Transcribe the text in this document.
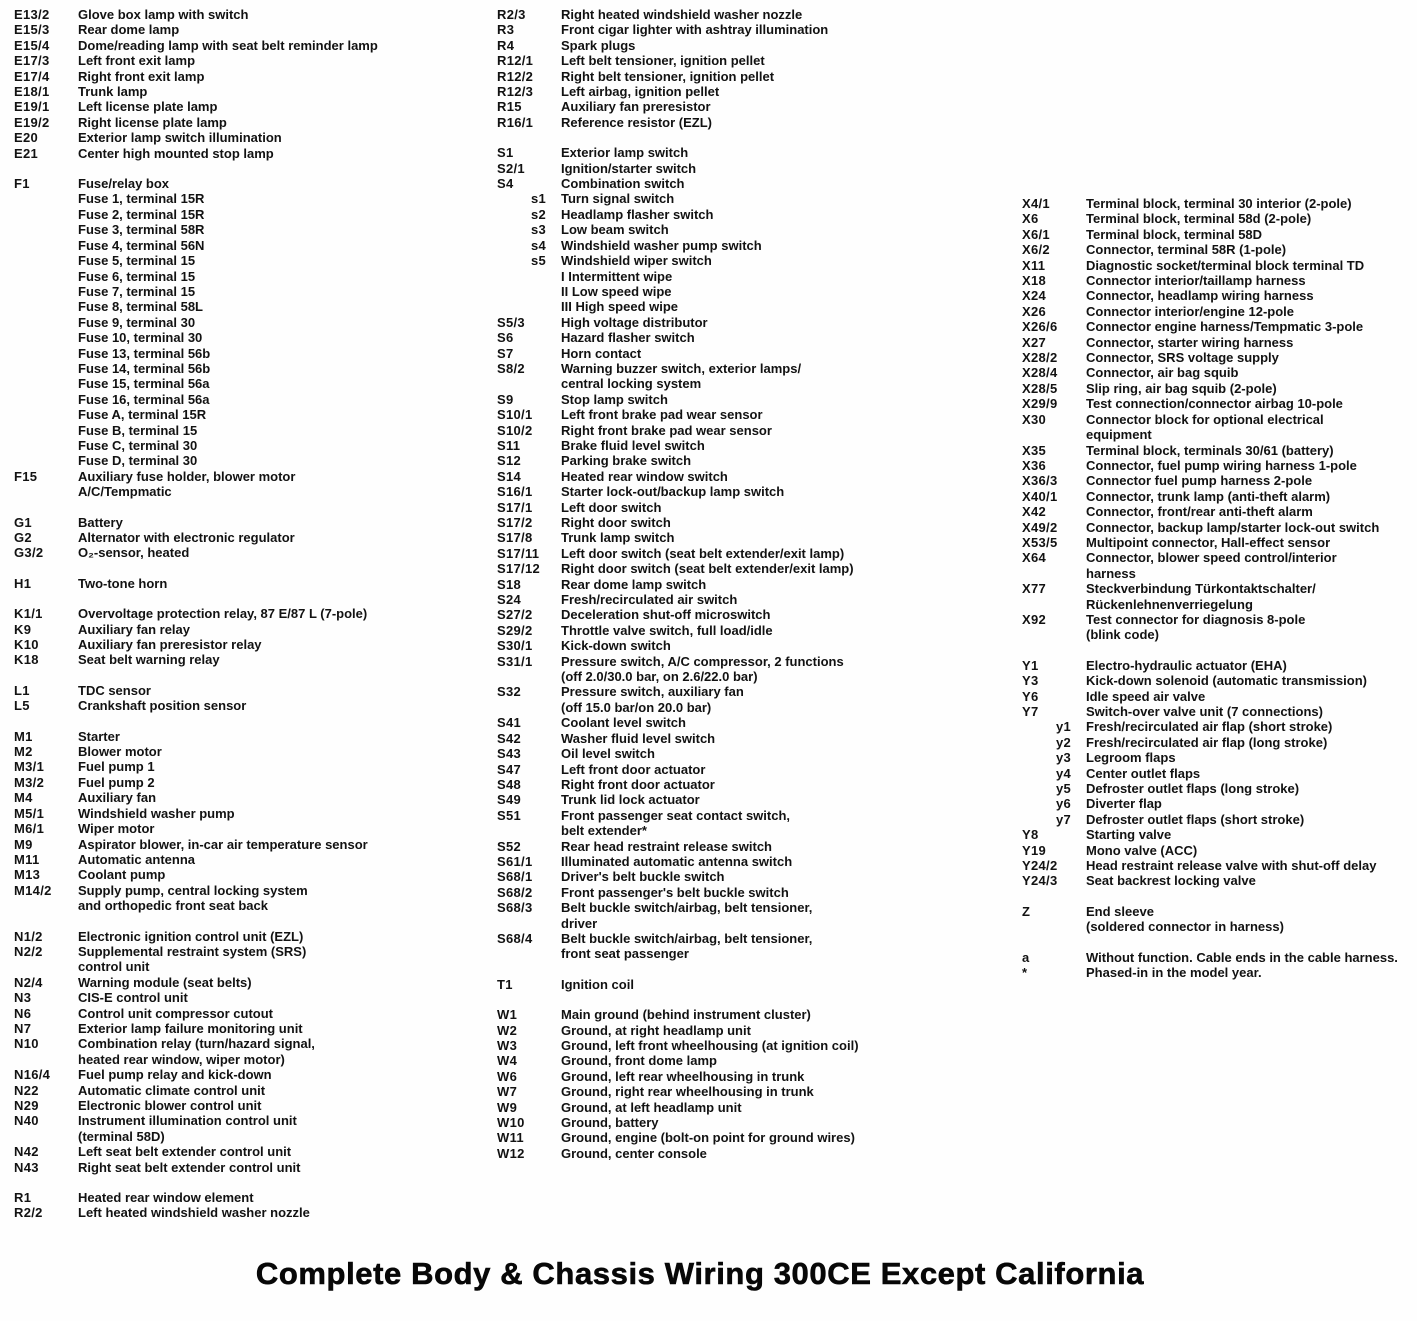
E13/2	Glove box lamp with switch
E15/3	Rear dome lamp
E15/4	Dome/reading lamp with seat belt reminder lamp
E17/3	Left front exit lamp
E17/4	Right front exit lamp
E18/1	Trunk lamp
E19/1	Left license plate lamp
E19/2	Right license plate lamp
E20	Exterior lamp switch illumination
E21	Center high mounted stop lamp
F1	Fuse/relay box
Fuse 1, terminal 15R
Fuse 2, terminal 15R
Fuse 3, terminal 58R
Fuse 4, terminal 56N
Fuse 5, terminal 15
Fuse 6, terminal 15
Fuse 7, terminal 15
Fuse 8, terminal 58L
Fuse 9, terminal 30
Fuse 10, terminal 30
Fuse 13, terminal 56b
Fuse 14, terminal 56b
Fuse 15, terminal 56a
Fuse 16, terminal 56a
Fuse A, terminal 15R
Fuse B, terminal 15
Fuse C, terminal 30
Fuse D, terminal 30
F15	Auxiliary fuse holder, blower motor
A/C/Tempmatic
G1	Battery
G2	Alternator with electronic regulator
G3/2	O₂-sensor, heated
H1	Two-tone horn
K1/1	Overvoltage protection relay, 87 E/87 L (7-pole)
K9	Auxiliary fan relay
K10	Auxiliary fan preresistor relay
K18	Seat belt warning relay
L1	TDC sensor
L5	Crankshaft position sensor
M1	Starter
M2	Blower motor
M3/1	Fuel pump 1
M3/2	Fuel pump 2
M4	Auxiliary fan
M5/1	Windshield washer pump
M6/1	Wiper motor
M9	Aspirator blower, in-car air temperature sensor
M11	Automatic antenna
M13	Coolant pump
M14/2	Supply pump, central locking system
and orthopedic front seat back
N1/2	Electronic ignition control unit (EZL)
N2/2	Supplemental restraint system (SRS)
control unit
N2/4	Warning module (seat belts)
N3	CIS-E control unit
N6	Control unit compressor cutout
N7	Exterior lamp failure monitoring unit
N10	Combination relay (turn/hazard signal,
heated rear window, wiper motor)
N16/4	Fuel pump relay and kick-down
N22	Automatic climate control unit
N29	Electronic blower control unit
N40	Instrument illumination control unit
(terminal 58D)
N42	Left seat belt extender control unit
N43	Right seat belt extender control unit
R1	Heated rear window element
R2/2	Left heated windshield washer nozzle
R2/3	Right heated windshield washer nozzle
R3	Front cigar lighter with ashtray illumination
R4	Spark plugs
R12/1	Left belt tensioner, ignition pellet
R12/2	Right belt tensioner, ignition pellet
R12/3	Left airbag, ignition pellet
R15	Auxiliary fan preresistor
R16/1	Reference resistor (EZL)
S1	Exterior lamp switch
S2/1	Ignition/starter switch
S4	Combination switch
s1	Turn signal switch
s2	Headlamp flasher switch
s3	Low beam switch
s4	Windshield washer pump switch
s5	Windshield wiper switch
I Intermittent wipe
II Low speed wipe
III High speed wipe
S5/3	High voltage distributor
S6	Hazard flasher switch
S7	Horn contact
S8/2	Warning buzzer switch, exterior lamps/
central locking system
S9	Stop lamp switch
S10/1	Left front brake pad wear sensor
S10/2	Right front brake pad wear sensor
S11	Brake fluid level switch
S12	Parking brake switch
S14	Heated rear window switch
S16/1	Starter lock-out/backup lamp switch
S17/1	Left door switch
S17/2	Right door switch
S17/8	Trunk lamp switch
S17/11	Left door switch (seat belt extender/exit lamp)
S17/12	Right door switch (seat belt extender/exit lamp)
S18	Rear dome lamp switch
S24	Fresh/recirculated air switch
S27/2	Deceleration shut-off microswitch
S29/2	Throttle valve switch, full load/idle
S30/1	Kick-down switch
S31/1	Pressure switch, A/C compressor, 2 functions
(off 2.0/30.0 bar, on 2.6/22.0 bar)
S32	Pressure switch, auxiliary fan
(off 15.0 bar/on 20.0 bar)
S41	Coolant level switch
S42	Washer fluid level switch
S43	Oil level switch
S47	Left front door actuator
S48	Right front door actuator
S49	Trunk lid lock actuator
S51	Front passenger seat contact switch,
belt extender*
S52	Rear head restraint release switch
S61/1	Illuminated automatic antenna switch
S68/1	Driver's belt buckle switch
S68/2	Front passenger's belt buckle switch
S68/3	Belt buckle switch/airbag, belt tensioner,
driver
S68/4	Belt buckle switch/airbag, belt tensioner,
front seat passenger
T1	Ignition coil
W1	Main ground (behind instrument cluster)
W2	Ground, at right headlamp unit
W3	Ground, left front wheelhousing (at ignition coil)
W4	Ground, front dome lamp
W6	Ground, left rear wheelhousing in trunk
W7	Ground, right rear wheelhousing in trunk
W9	Ground, at left headlamp unit
W10	Ground, battery
W11	Ground, engine (bolt-on point for ground wires)
W12	Ground, center console
X4/1	Terminal block, terminal 30 interior (2-pole)
X6	Terminal block, terminal 58d (2-pole)
X6/1	Terminal block, terminal 58D
X6/2	Connector, terminal 58R (1-pole)
X11	Diagnostic socket/terminal block terminal TD
X18	Connector interior/taillamp harness
X24	Connector, headlamp wiring harness
X26	Connector interior/engine 12-pole
X26/6	Connector engine harness/Tempmatic 3-pole
X27	Connector, starter wiring harness
X28/2	Connector, SRS voltage supply
X28/4	Connector, air bag squib
X28/5	Slip ring, air bag squib (2-pole)
X29/9	Test connection/connector airbag 10-pole
X30	Connector block for optional electrical
equipment
X35	Terminal block, terminals 30/61 (battery)
X36	Connector, fuel pump wiring harness 1-pole
X36/3	Connector fuel pump harness 2-pole
X40/1	Connector, trunk lamp (anti-theft alarm)
X42	Connector, front/rear anti-theft alarm
X49/2	Connector, backup lamp/starter lock-out switch
X53/5	Multipoint connector, Hall-effect sensor
X64	Connector, blower speed control/interior
harness
X77	Steckverbindung Türkontaktschalter/
Rückenlehnenverriegelung
X92	Test connector for diagnosis 8-pole
(blink code)
Y1	Electro-hydraulic actuator (EHA)
Y3	Kick-down solenoid (automatic transmission)
Y6	Idle speed air valve
Y7	Switch-over valve unit (7 connections)
y1	Fresh/recirculated air flap (short stroke)
y2	Fresh/recirculated air flap (long stroke)
y3	Legroom flaps
y4	Center outlet flaps
y5	Defroster outlet flaps (long stroke)
y6	Diverter flap
y7	Defroster outlet flaps (short stroke)
Y8	Starting valve
Y19	Mono valve (ACC)
Y24/2	Head restraint release valve with shut-off delay
Y24/3	Seat backrest locking valve
Z	End sleeve
(soldered connector in harness)
a	Without function. Cable ends in the cable harness.
*	Phased-in in the model year.
Complete Body & Chassis Wiring 300CE Except California
